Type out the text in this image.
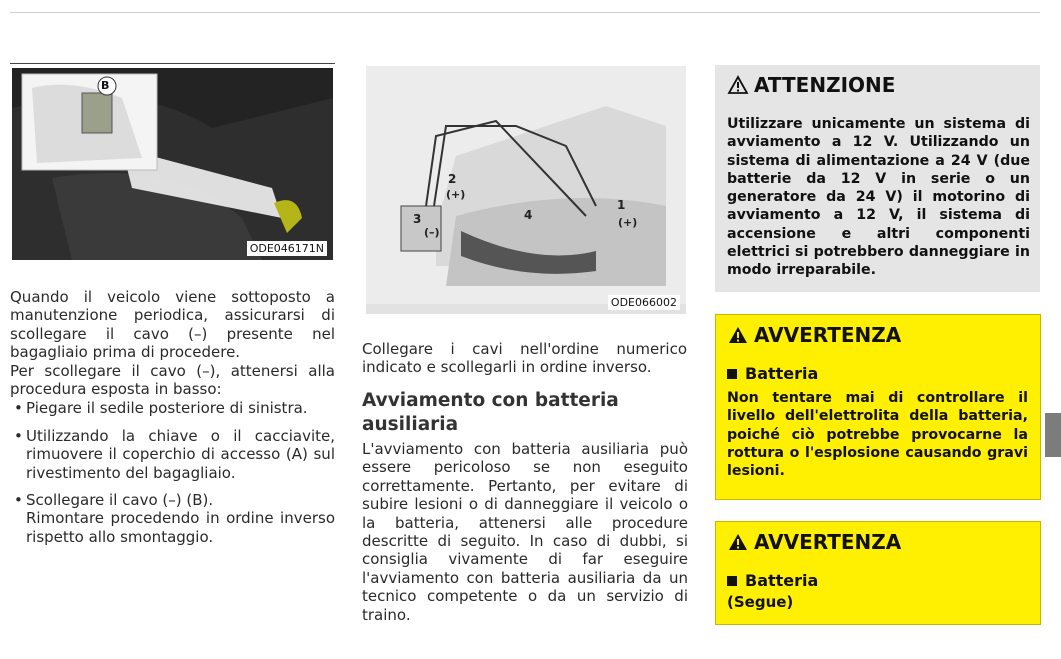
ODE046171N
B
ODE066002
1
(+)
2
(+)
3
(–)
4

Quando il veicolo viene sottoposto a manutenzione periodica, assicurarsi di scollegare il cavo (–) presente nel bagagliaio prima di procedere.

Per scollegare il cavo (–), attenersi alla procedura esposta in basso:

• Piegare il sedile posteriore di sinistra.

• Utilizzando la chiave o il cacciavite, rimuovere il coperchio di accesso (A) sul rivestimento del bagagliaio.

• Scollegare il cavo (–) (B).

Rimontare procedendo in ordine inverso rispetto allo smontaggio.

Collegare i cavi nell'ordine numerico indicato e scollegarli in ordine inverso.
Avviamento con batteria ausiliaria
L'avviamento con batteria ausiliaria può essere pericoloso se non eseguito correttamente. Pertanto, per evitare di subire lesioni o di danneggiare il veicolo o la batteria, attenersi alle procedure descritte di seguito. In caso di dubbi, si consiglia vivamente di far eseguire l'avviamento con batteria ausiliaria da un tecnico competente o da un servizio di traino.
ATTENZIONE
Utilizzare unicamente un sistema di avviamento a 12 V. Utilizzando un sistema di alimentazione a 24 V (due batterie da 12 V in serie o un generatore da 24 V) il motorino di avviamento a 12 V, il sistema di accensione e altri componenti elettrici si potrebbero danneggiare in modo irreparabile.
AVVERTENZA
Batteria
Non tentare mai di controllare il livello dell'elettrolita della batteria, poiché ciò potrebbe provocarne la rottura o l'esplosione causando gravi lesioni.
AVVERTENZA
Batteria
(Segue)
